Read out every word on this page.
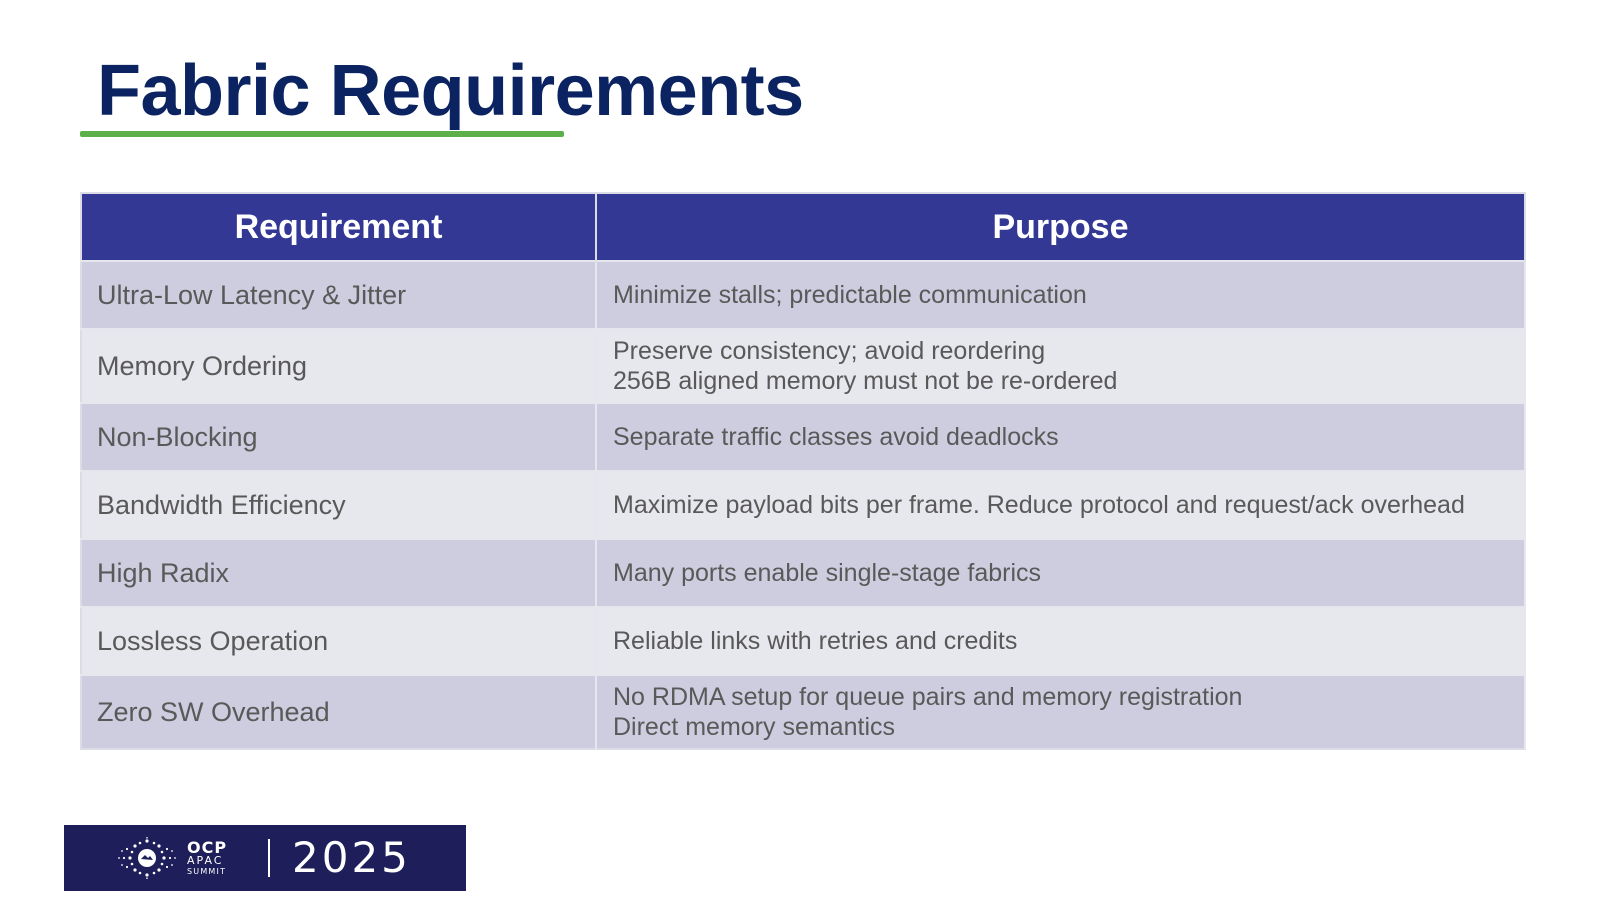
Fabric Requirements
Requirement	Purpose
Ultra-Low Latency & Jitter	Minimize stalls; predictable communication

Memory Ordering	Preserve consistency; avoid reordering
256B aligned memory must not be re-ordered

Non-Blocking	Separate traffic classes avoid deadlocks

Bandwidth Efficiency	Maximize payload bits per frame. Reduce protocol and request/ack overhead

High Radix	Many ports enable single-stage fabrics

Lossless Operation	Reliable links with retries and credits

Zero SW Overhead	No RDMA setup for queue pairs and memory registration
Direct memory semantics
OCP
APAC
SUMMIT 2025
